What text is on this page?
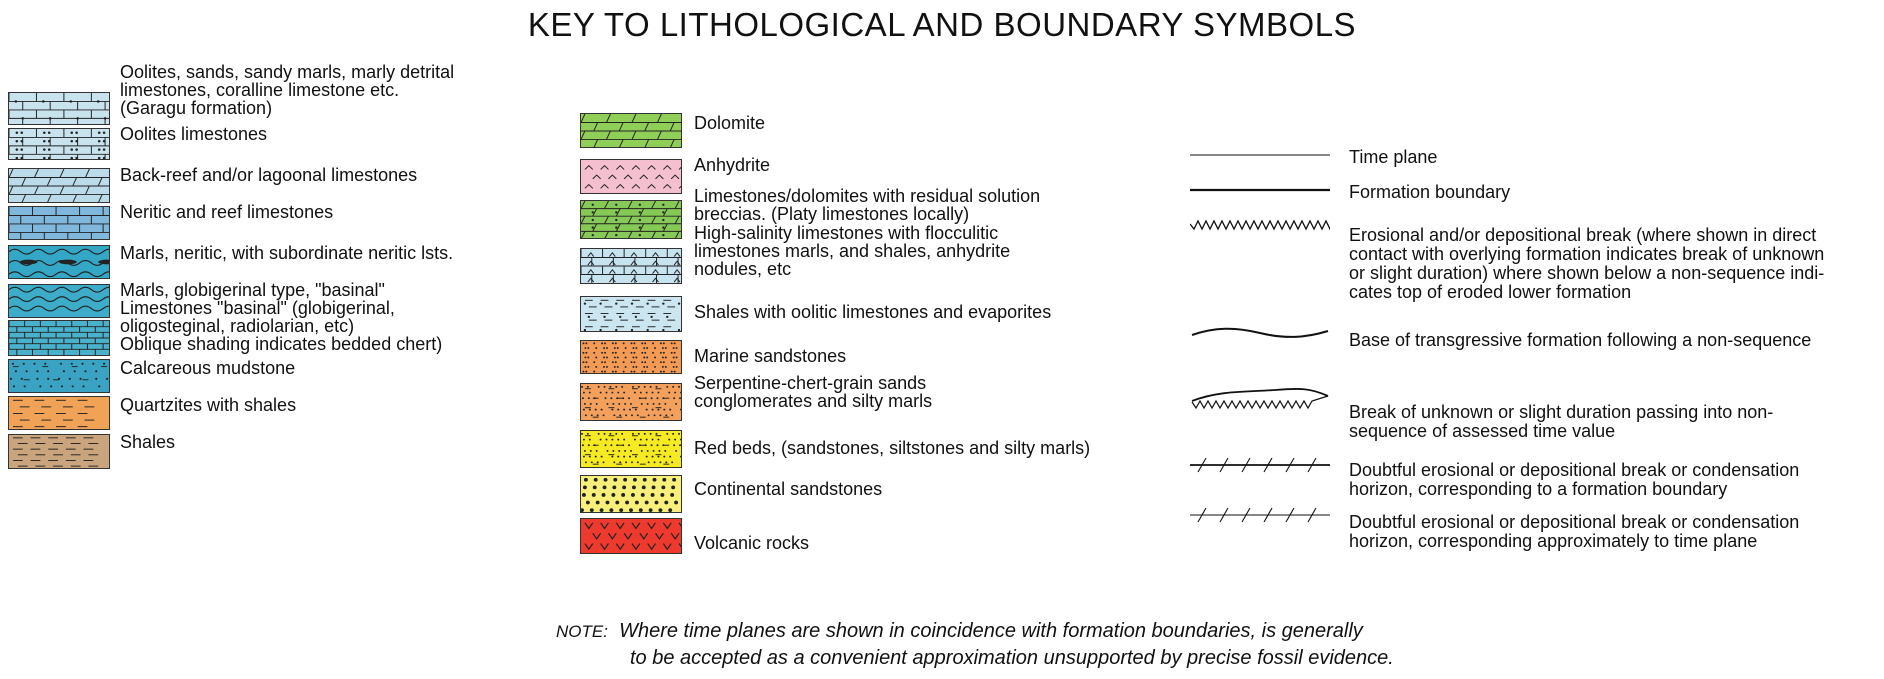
KEY TO LITHOLOGICAL AND BOUNDARY SYMBOLS
Oolites, sands, sandy marls, marly detrital
limestones, coralline limestone etc.
(Garagu formation)
Oolites limestones
Back-reef and/or lagoonal limestones
Neritic and reef limestones
Marls, neritic, with subordinate neritic lsts.
Marls, globigerinal type, "basinal"
Limestones "basinal" (globigerinal,
oligosteginal, radiolarian, etc)
Oblique shading indicates bedded chert)
Calcareous mudstone
Quartzites with shales
Shales
Dolomite
Anhydrite
Limestones/dolomites with residual solution
breccias. (Platy limestones locally)
High-salinity limestones with flocculitic
limestones marls, and shales, anhydrite
nodules, etc
Shales with oolitic limestones and evaporites
Marine sandstones
Serpentine-chert-grain sands
conglomerates and silty marls
Red beds, (sandstones, siltstones and silty marls)
Continental sandstones
Volcanic rocks
Time plane
Formation boundary
Erosional and/or depositional break (where shown in direct
contact with overlying formation indicates break of unknown
or slight duration) where shown below a non-sequence indi-
cates top of eroded lower formation
Base of transgressive formation following a non-sequence
Break of unknown or slight duration passing into non-
sequence of assessed time value
Doubtful erosional or depositional break or condensation
horizon, corresponding to a formation boundary
Doubtful erosional or depositional break or condensation
horizon, corresponding approximately to time plane
NOTE: Where time planes are shown in coincidence with formation boundaries, is generally
to be accepted as a convenient approximation unsupported by precise fossil evidence.
